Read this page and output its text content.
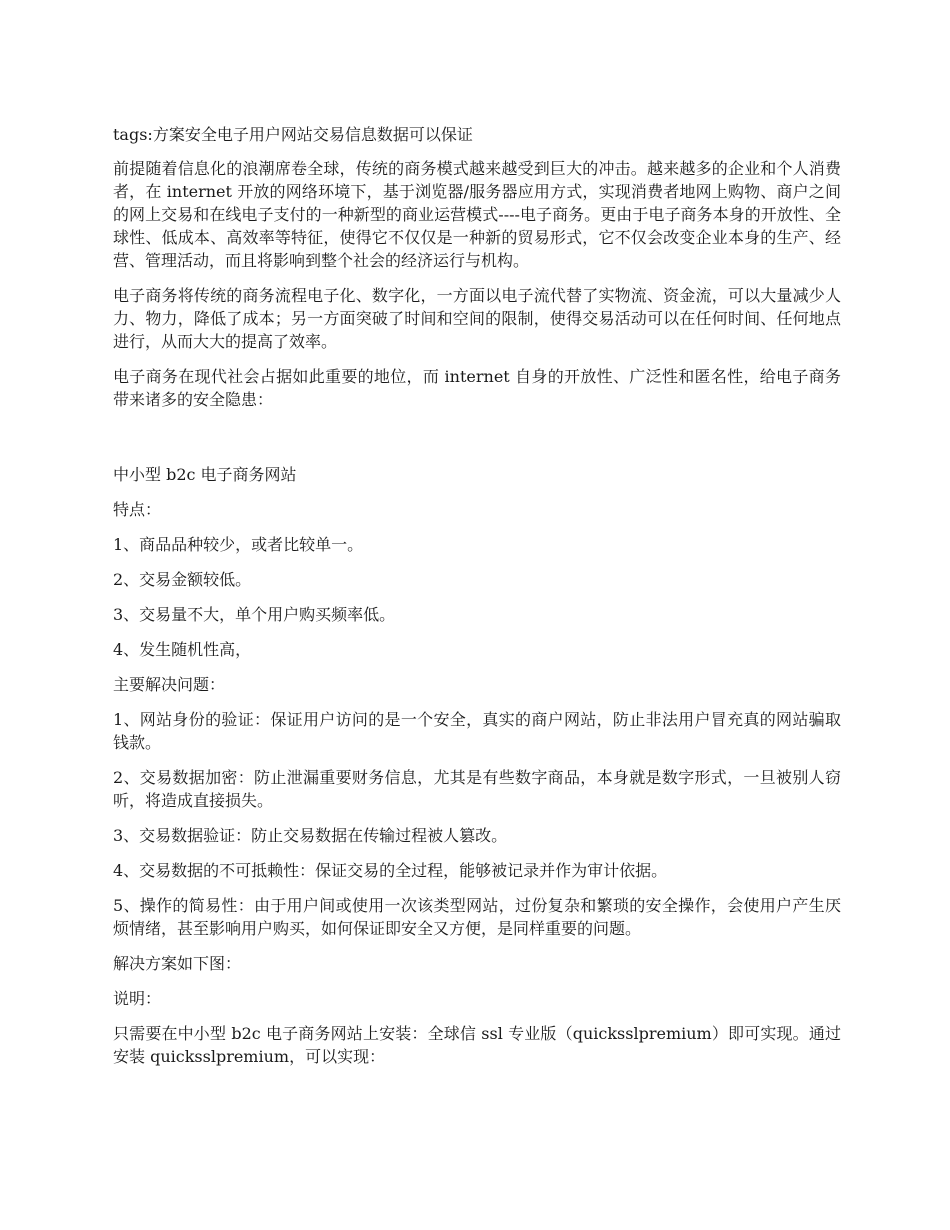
tags:方案安全电子用户网站交易信息数据可以保证

前提随着信息化的浪潮席卷全球，传统的商务模式越来越受到巨大的冲击。越来越多的企业和个人消费者，在 internet 开放的网络环境下，基于浏览器/服务器应用方式，实现消费者地网上购物、商户之间的网上交易和在线电子支付的一种新型的商业运营模式----电子商务。更由于电子商务本身的开放性、全球性、低成本、高效率等特征，使得它不仅仅是一种新的贸易形式，它不仅会改变企业本身的生产、经营、管理活动，而且将影响到整个社会的经济运行与机构。

电子商务将传统的商务流程电子化、数字化，一方面以电子流代替了实物流、资金流，可以大量减少人力、物力，降低了成本；另一方面突破了时间和空间的限制，使得交易活动可以在任何时间、任何地点进行，从而大大的提高了效率。

电子商务在现代社会占据如此重要的地位，而 internet 自身的开放性、广泛性和匿名性，给电子商务带来诸多的安全隐患：

中小型 b2c 电子商务网站

特点：

1、商品品种较少，或者比较单一。

2、交易金额较低。

3、交易量不大，单个用户购买频率低。

4、发生随机性高，

主要解决问题：

1、网站身份的验证：保证用户访问的是一个安全，真实的商户网站，防止非法用户冒充真的网站骗取钱款。

2、交易数据加密：防止泄漏重要财务信息，尤其是有些数字商品，本身就是数字形式，一旦被别人窃听，将造成直接损失。

3、交易数据验证：防止交易数据在传输过程被人篡改。

4、交易数据的不可抵赖性：保证交易的全过程，能够被记录并作为审计依据。

5、操作的简易性：由于用户间或使用一次该类型网站，过份复杂和繁琐的安全操作，会使用户产生厌烦情绪，甚至影响用户购买，如何保证即安全又方便，是同样重要的问题。

解决方案如下图：

说明：

只需要在中小型 b2c 电子商务网站上安装：全球信 ssl 专业版（quicksslpremium）即可实现。通过安装 quicksslpremium，可以实现：
